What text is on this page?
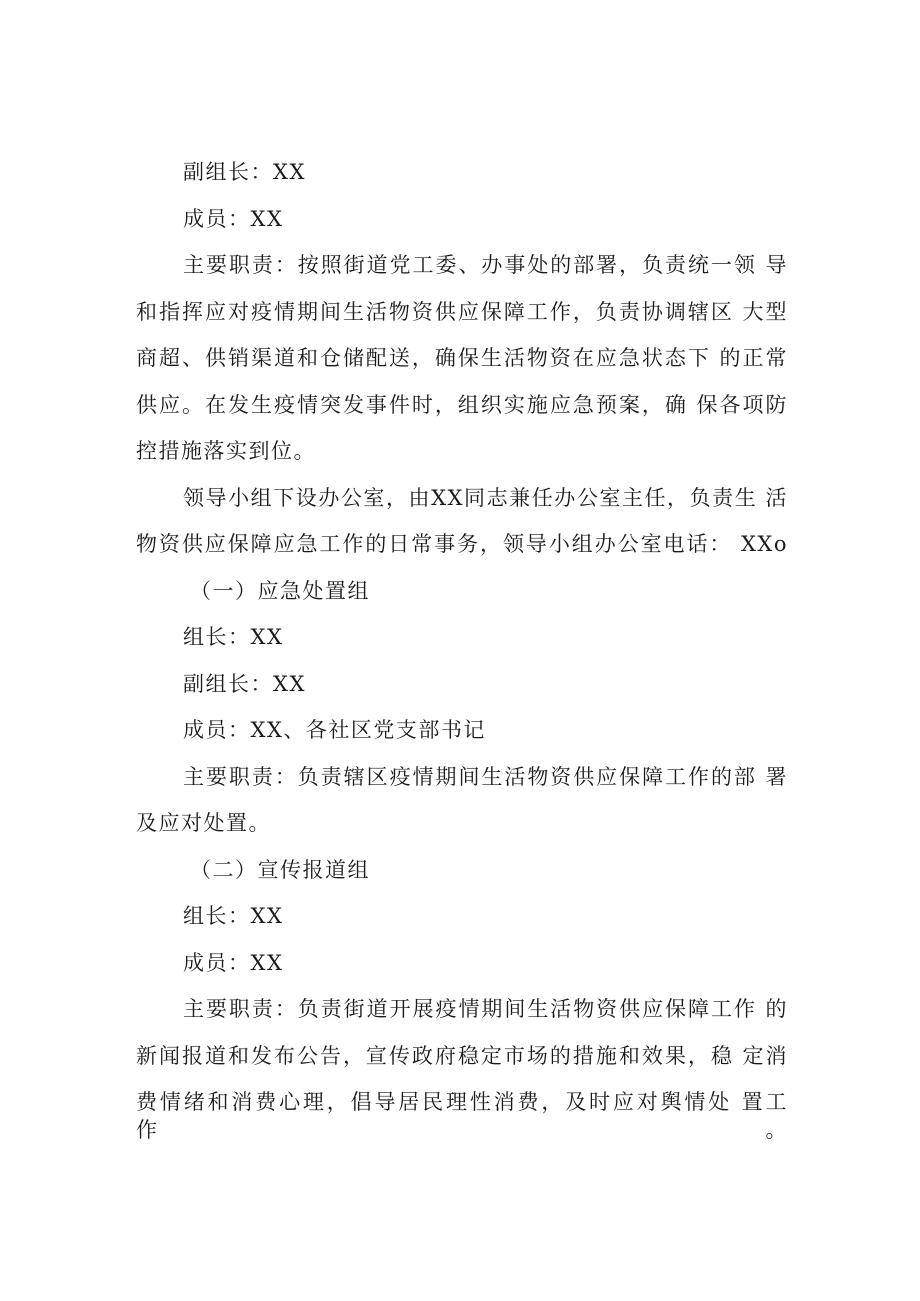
副组长：XX
成员：XX
主要职责：按照街道党工委、办事处的部署，负责统一领 导
和指挥应对疫情期间生活物资供应保障工作，负责协调辖区 大型
商超、供销渠道和仓储配送，确保生活物资在应急状态下 的正常
供应。在发生疫情突发事件时，组织实施应急预案，确 保各项防
控措施落实到位。
领导小组下设办公室，由XX同志兼任办公室主任，负责生 活
物资供应保障应急工作的日常事务，领导小组办公室电话： XXo
（一）应急处置组
组长：XX
副组长：XX
成员：XX、各社区党支部书记
主要职责：负责辖区疫情期间生活物资供应保障工作的部 署
及应对处置。
（二）宣传报道组
组长：XX
成员：XX
主要职责：负责街道开展疫情期间生活物资供应保障工作 的
新闻报道和发布公告，宣传政府稳定市场的措施和效果，稳 定消
费情绪和消费心理，倡导居民理性消费，及时应对舆情处 置工作。
